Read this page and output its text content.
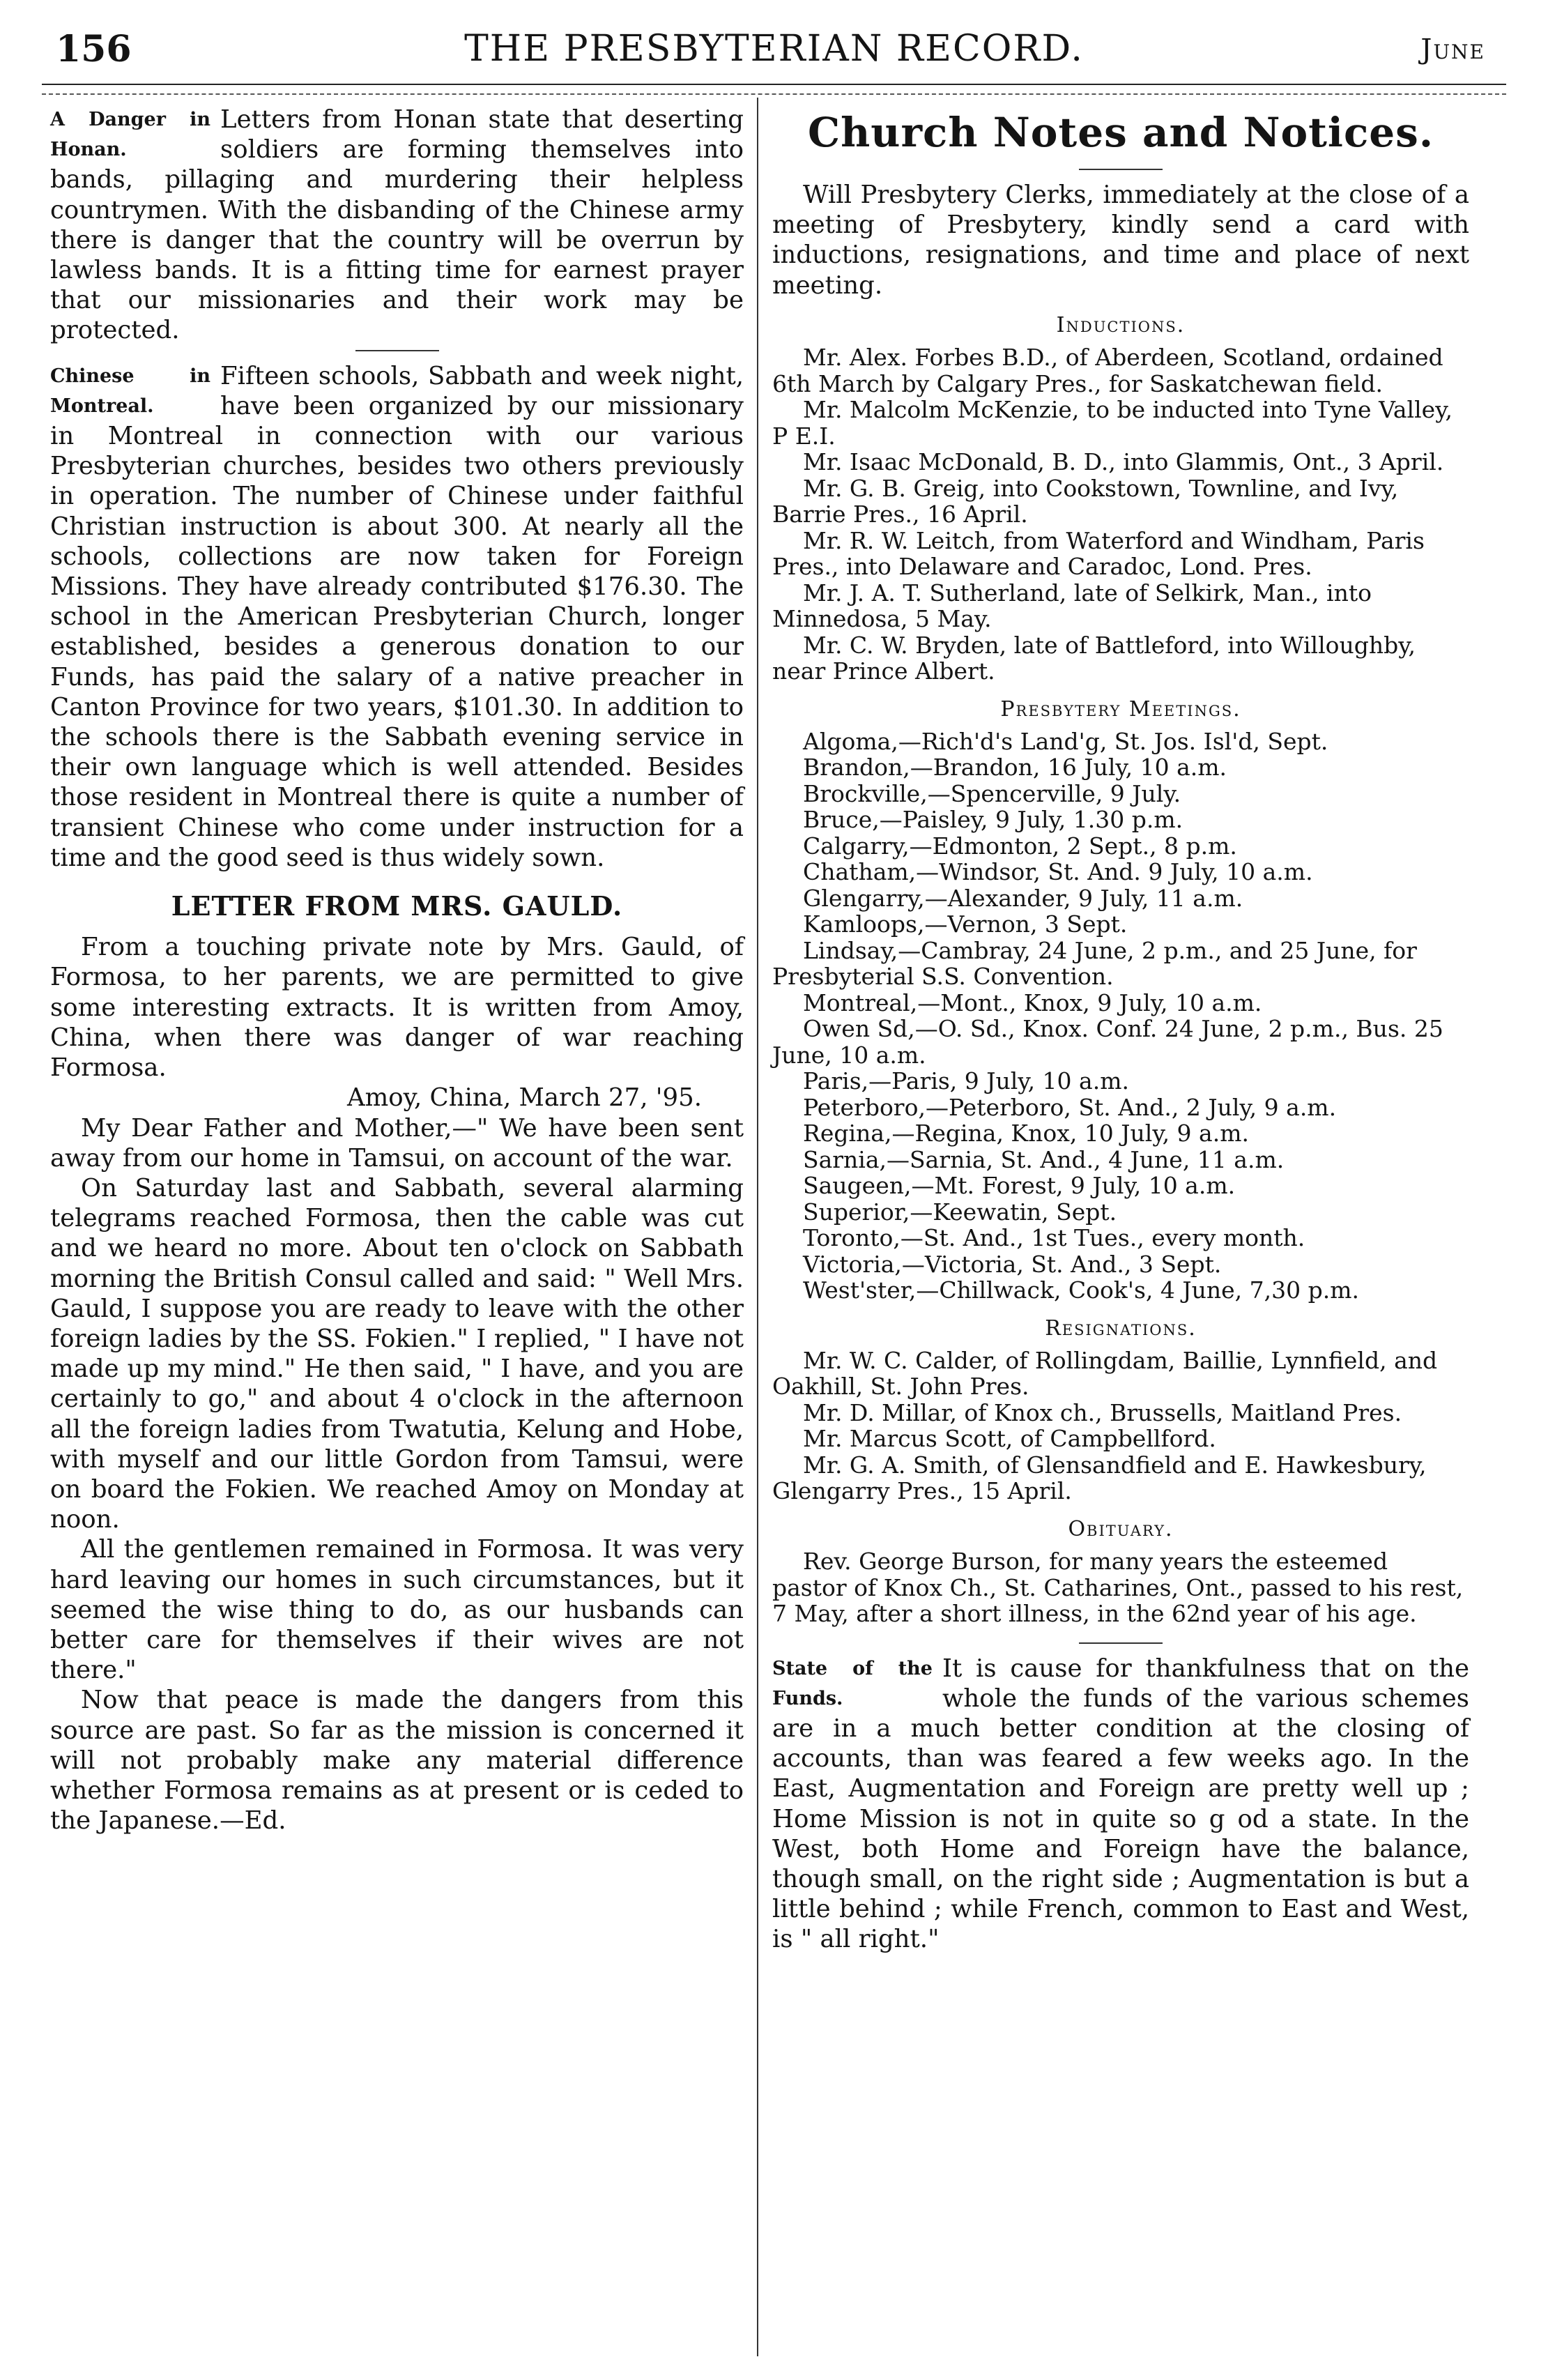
156	THE PRESBYTERIAN RECORD.	June
A Danger in Honan.

Letters from Honan state that deserting soldiers are forming themselves into bands, pillaging and murdering their helpless countrymen. With the disbanding of the Chinese army there is danger that the country will be overrun by lawless bands. It is a fitting time for earnest prayer that our missionaries and their work may be protected.

Chinese in Montreal.

Fifteen schools, Sabbath and week night, have been organized by our missionary in Montreal in connection with our various Presbyterian churches, besides two others previously in operation. The number of Chinese under faithful Christian instruction is about 300. At nearly all the schools, collections are now taken for Foreign Missions. They have already contributed $176.30. The school in the American Presbyterian Church, longer established, besides a generous donation to our Funds, has paid the salary of a native preacher in Canton Province for two years, $101.30. In addition to the schools there is the Sabbath evening service in their own language which is well attended. Besides those resident in Montreal there is quite a number of transient Chinese who come under instruction for a time and the good seed is thus widely sown.

LETTER FROM MRS. GAULD.

From a touching private note by Mrs. Gauld, of Formosa, to her parents, we are permitted to give some interesting extracts. It is written from Amoy, China, when there was danger of war reaching Formosa.

Amoy, China, March 27, '95.

My Dear Father and Mother,—" We have been sent away from our home in Tamsui, on account of the war.

On Saturday last and Sabbath, several alarming telegrams reached Formosa, then the cable was cut and we heard no more. About ten o'clock on Sabbath morning the British Consul called and said: " Well Mrs. Gauld, I suppose you are ready to leave with the other foreign ladies by the SS. Fokien." I replied, " I have not made up my mind." He then said, " I have, and you are certainly to go," and about 4 o'clock in the afternoon all the foreign ladies from Twatutia, Kelung and Hobe, with myself and our little Gordon from Tamsui, were on board the Fokien. We reached Amoy on Monday at noon.

All the gentlemen remained in Formosa. It was very hard leaving our homes in such circumstances, but it seemed the wise thing to do, as our husbands can better care for themselves if their wives are not there."

Now that peace is made the dangers from this source are past. So far as the mission is concerned it will not probably make any material difference whether Formosa remains as at present or is ceded to the Japanese.—Ed.

Church Notes and Notices.

Will Presbytery Clerks, immediately at the close of a meeting of Presbytery, kindly send a card with inductions, resignations, and time and place of next meeting.

Inductions.

Mr. Alex. Forbes B.D., of Aberdeen, Scotland, ordained 6th March by Calgary Pres., for Saskatchewan field.

Mr. Malcolm McKenzie, to be inducted into Tyne Valley, P E.I.

Mr. Isaac McDonald, B. D., into Glammis, Ont., 3 April.

Mr. G. B. Greig, into Cookstown, Townline, and Ivy, Barrie Pres., 16 April.

Mr. R. W. Leitch, from Waterford and Windham, Paris Pres., into Delaware and Caradoc, Lond. Pres.

Mr. J. A. T. Sutherland, late of Selkirk, Man., into Minnedosa, 5 May.

Mr. C. W. Bryden, late of Battleford, into Willoughby, near Prince Albert.

Presbytery Meetings.

Algoma,—Rich'd's Land'g, St. Jos. Isl'd, Sept.

Brandon,—Brandon, 16 July, 10 a.m.

Brockville,—Spencerville, 9 July.

Bruce,—Paisley, 9 July, 1.30 p.m.

Calgarry,—Edmonton, 2 Sept., 8 p.m.

Chatham,—Windsor, St. And. 9 July, 10 a.m.

Glengarry,—Alexander, 9 July, 11 a.m.

Kamloops,—Vernon, 3 Sept.

Lindsay,—Cambray, 24 June, 2 p.m., and 25 June, for Presbyterial S.S. Convention.

Montreal,—Mont., Knox, 9 July, 10 a.m.

Owen Sd,—O. Sd., Knox. Conf. 24 June, 2 p.m., Bus. 25 June, 10 a.m.

Paris,—Paris, 9 July, 10 a.m.

Peterboro,—Peterboro, St. And., 2 July, 9 a.m.

Regina,—Regina, Knox, 10 July, 9 a.m.

Sarnia,—Sarnia, St. And., 4 June, 11 a.m.

Saugeen,—Mt. Forest, 9 July, 10 a.m.

Superior,—Keewatin, Sept.

Toronto,—St. And., 1st Tues., every month.

Victoria,—Victoria, St. And., 3 Sept.

West'ster,—Chillwack, Cook's, 4 June, 7,30 p.m.

Resignations.

Mr. W. C. Calder, of Rollingdam, Baillie, Lynnfield, and Oakhill, St. John Pres.

Mr. D. Millar, of Knox ch., Brussells, Maitland Pres.

Mr. Marcus Scott, of Campbellford.

Mr. G. A. Smith, of Glensandfield and E. Hawkesbury, Glengarry Pres., 15 April.

Obituary.

Rev. George Burson, for many years the esteemed pastor of Knox Ch., St. Catharines, Ont., passed to his rest, 7 May, after a short illness, in the 62nd year of his age.

State of the Funds.

It is cause for thankfulness that on the whole the funds of the various schemes are in a much better condition at the closing of accounts, than was feared a few weeks ago. In the East, Augmentation and Foreign are pretty well up ; Home Mission is not in quite so g od a state. In the West, both Home and Foreign have the balance, though small, on the right side ; Augmentation is but a little behind ; while French, common to East and West, is " all right."
